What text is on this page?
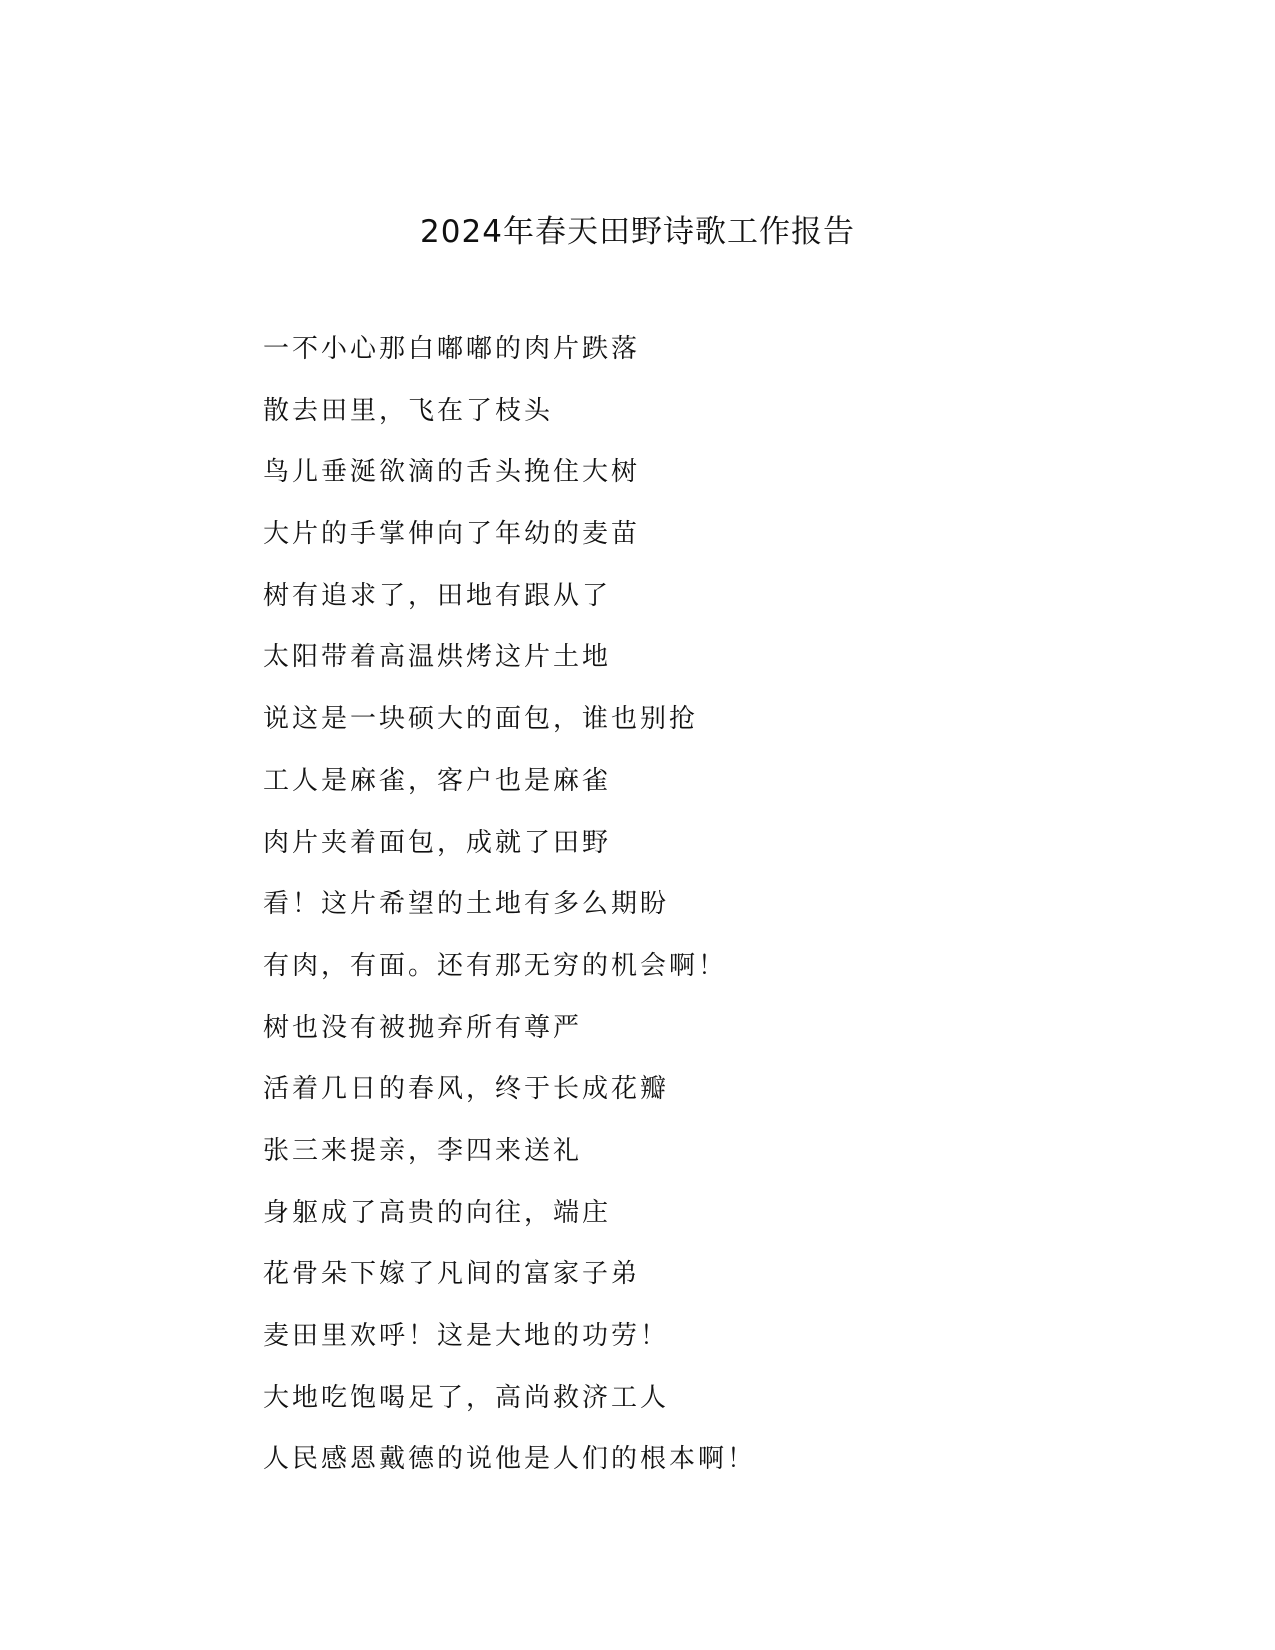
2024年春天田野诗歌工作报告
一不小心那白嘟嘟的肉片跌落
散去田里，飞在了枝头
鸟儿垂涎欲滴的舌头挽住大树
大片的手掌伸向了年幼的麦苗
树有追求了，田地有跟从了
太阳带着高温烘烤这片土地
说这是一块硕大的面包，谁也别抢
工人是麻雀，客户也是麻雀
肉片夹着面包，成就了田野
看！这片希望的土地有多么期盼
有肉，有面。还有那无穷的机会啊！
树也没有被抛弃所有尊严
活着几日的春风，终于长成花瓣
张三来提亲，李四来送礼
身躯成了高贵的向往，端庄
花骨朵下嫁了凡间的富家子弟
麦田里欢呼！这是大地的功劳！
大地吃饱喝足了，高尚救济工人
人民感恩戴德的说他是人们的根本啊！
